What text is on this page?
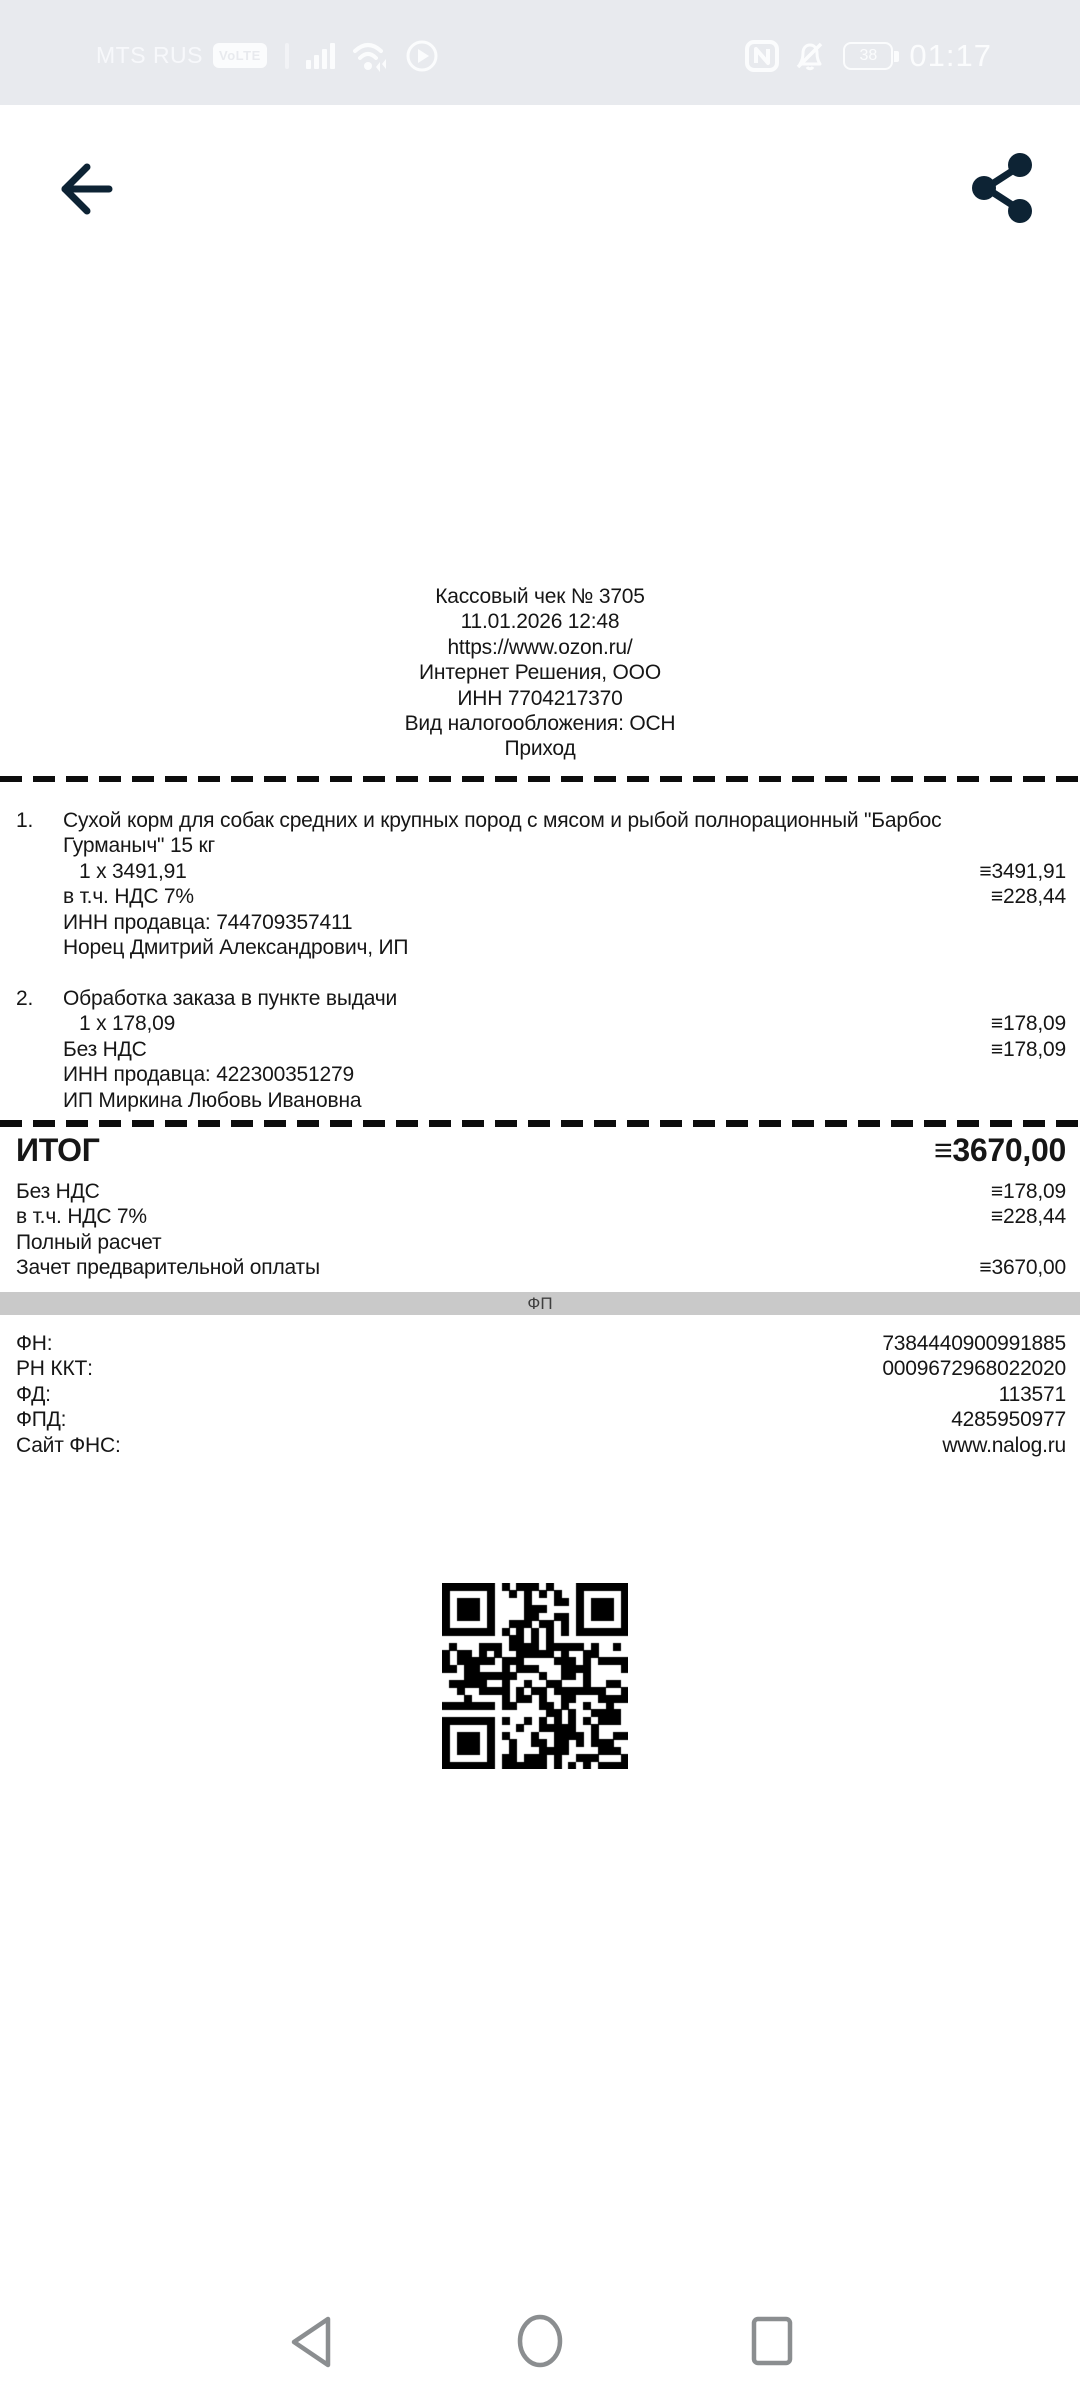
MTS RUS	VoLTE	38 01:17
Кассовый чек № 3705
11.01.2026 12:48
https://www.ozon.ru/
Интернет Решения, ООО
ИНН 7704217370
Вид налогообложения: ОСН
Приход
1. Сухой корм для собак средних и крупных пород с мясом и рыбой полнорационный "Барбос Гурманыч" 15 кг
1 x 3491,91	≡3491,91
в т.ч. НДС 7%	≡228,44
ИНН продавца: 744709357411
Норец Дмитрий Александрович, ИП
2. Обработка заказа в пункте выдачи
1 x 178,09	≡178,09
Без НДС	≡178,09
ИНН продавца: 422300351279
ИП Миркина Любовь Ивановна
ИТОГ	≡3670,00
Без НДС	≡178,09
в т.ч. НДС 7%	≡228,44
Полный расчет
Зачет предварительной оплаты	≡3670,00
ФП
ФН:	7384440900991885
РН ККТ:	0009672968022020
ФД:	113571
ФПД:	4285950977
Сайт ФНС:	www.nalog.ru
